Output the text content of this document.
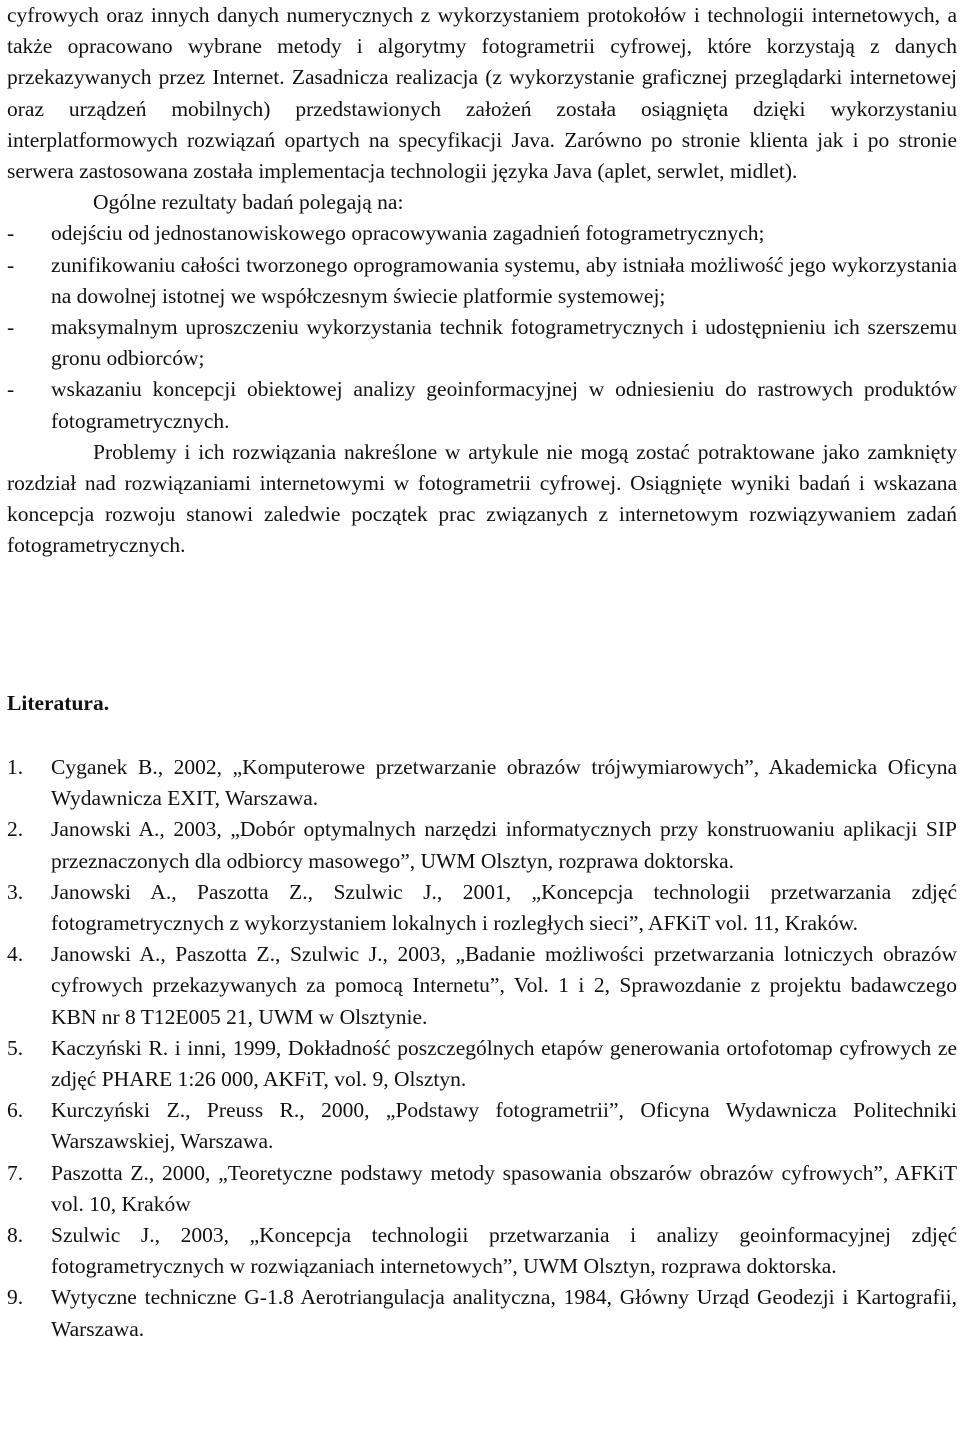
cyfrowych oraz innych danych numerycznych z wykorzystaniem protokołów i technologii internetowych, a także opracowano wybrane metody i algorytmy fotogrametrii cyfrowej, które korzystają z danych przekazywanych przez Internet. Zasadnicza realizacja (z wykorzystanie graficznej przeglądarki internetowej oraz urządzeń mobilnych) przedstawionych założeń została osiągnięta dzięki wykorzystaniu interplatformowych rozwiązań opartych na specyfikacji Java. Zarówno po stronie klienta jak i po stronie serwera zastosowana została implementacja technologii języka Java (aplet, serwlet, midlet).

Ogólne rezultaty badań polegają na:

- odejściu od jednostanowiskowego opracowywania zagadnień fotogrametrycznych;
- zunifikowaniu całości tworzonego oprogramowania systemu, aby istniała możliwość jego wykorzystania na dowolnej istotnej we współczesnym świecie platformie systemowej;
- maksymalnym uproszczeniu wykorzystania technik fotogrametrycznych i udostępnieniu ich szerszemu gronu odbiorców;
- wskazaniu koncepcji obiektowej analizy geoinformacyjnej w odniesieniu do rastrowych produktów fotogrametrycznych.

Problemy i ich rozwiązania nakreślone w artykule nie mogą zostać potraktowane jako zamknięty rozdział nad rozwiązaniami internetowymi w fotogrametrii cyfrowej. Osiągnięte wyniki badań i wskazana koncepcja rozwoju stanowi zaledwie początek prac związanych z internetowym rozwiązywaniem zadań fotogrametrycznych.

Literatura.
1. Cyganek B., 2002, „Komputerowe przetwarzanie obrazów trójwymiarowych”, Akademicka Oficyna Wydawnicza EXIT, Warszawa.
2. Janowski A., 2003, „Dobór optymalnych narzędzi informatycznych przy konstruowaniu aplikacji SIP przeznaczonych dla odbiorcy masowego”, UWM Olsztyn, rozprawa doktorska.
3. Janowski A., Paszotta Z., Szulwic J., 2001, „Koncepcja technologii przetwarzania zdjęć fotogrametrycznych z wykorzystaniem lokalnych i rozległych sieci”, AFKiT vol. 11, Kraków.
4. Janowski A., Paszotta Z., Szulwic J., 2003, „Badanie możliwości przetwarzania lotniczych obrazów cyfrowych przekazywanych za pomocą Internetu”, Vol. 1 i 2, Sprawozdanie z projektu badawczego KBN nr 8 T12E005 21, UWM w Olsztynie.
5. Kaczyński R. i inni, 1999, Dokładność poszczególnych etapów generowania ortofotomap cyfrowych ze zdjęć PHARE 1:26 000, AKFiT, vol. 9, Olsztyn.
6. Kurczyński Z., Preuss R., 2000, „Podstawy fotogrametrii”, Oficyna Wydawnicza Politechniki Warszawskiej, Warszawa.
7. Paszotta Z., 2000, „Teoretyczne podstawy metody spasowania obszarów obrazów cyfrowych”, AFKiT vol. 10, Kraków
8. Szulwic J., 2003, „Koncepcja technologii przetwarzania i analizy geoinformacyjnej zdjęć fotogrametrycznych w rozwiązaniach internetowych”, UWM Olsztyn, rozprawa doktorska.
9. Wytyczne techniczne G-1.8 Aerotriangulacja analityczna, 1984, Główny Urząd Geodezji i Kartografii, Warszawa.
